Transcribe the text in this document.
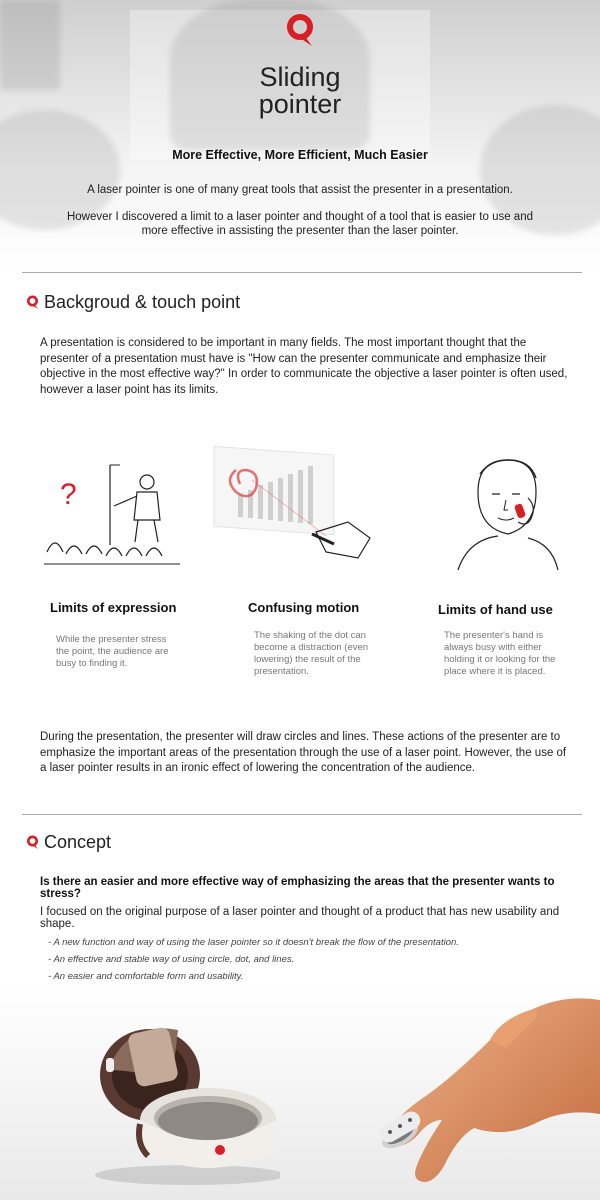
Sliding
pointer
More Effective, More Efficient, Much Easier
A laser pointer is one of many great tools that assist the presenter in a presentation.
However I discovered a limit to a laser pointer and thought of a tool that is easier to use and more effective in assisting the presenter than the laser pointer.
Backgroud & touch point
A presentation is considered to be important in many fields. The most important thought that the presenter of a presentation must have is "How can the presenter communicate and emphasize their objective in the most effective way?" In order to communicate the objective a laser pointer is often used, however a laser point has its limits.
?
Limits of expression	Confusing motion	Limits of hand use
While the presenter stress the point, the audience are busy to finding it.
The shaking of the dot can become a distraction (even lowering) the result of the presentation.
The presenter's hand is always busy with either holding it or looking for the place where it is placed.
During the presentation, the presenter will draw circles and lines. These actions of the presenter are to emphasize the important areas of the presentation through the use of a laser point. However, the use of a laser pointer results in an ironic effect of lowering the concentration of the audience.
Concept
Is there an easier and more effective way of emphasizing the areas that the presenter wants to stress?
I focused on the original purpose of a laser pointer and thought of a product that has new usability and shape.
- A new function and way of using the laser pointer so it doesn't break the flow of the presentation.
- An effective and stable way of using circle, dot, and lines.
- An easier and comfortable form and usability.
